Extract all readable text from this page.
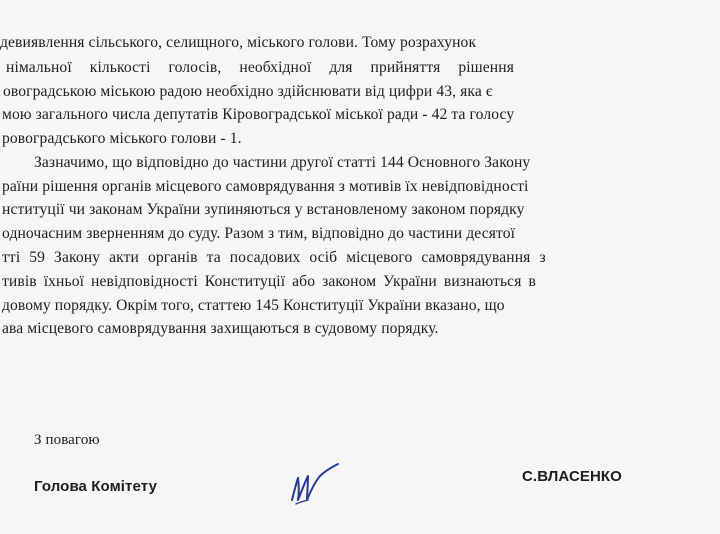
девиявлення сільського, селищного, міського голови. Тому розрахунок
німальної кількості голосів, необхідної для прийняття рішення
овоградською міською радою необхідно здійснювати від цифри 43, яка є
мою загального числа депутатів Кіровоградської міської ради - 42 та голосу
ровоградського міського голови - 1.
Зазначимо, що відповідно до частини другої статті 144 Основного Закону
раїни рішення органів місцевого самоврядування з мотивів їх невідповідності
нституції чи законам України зупиняються у встановленому законом порядку
одночасним зверненням до суду. Разом з тим, відповідно до частини десятої
тті 59 Закону акти органів та посадових осіб місцевого самоврядування з
тивів їхньої невідповідності Конституції або законом України визнаються в
довому порядку. Окрім того, статтею 145 Конституції України вказано, що
ава місцевого самоврядування захищаються в судовому порядку.
З повагою
Голова Комітету
С.ВЛАСЕНКО
